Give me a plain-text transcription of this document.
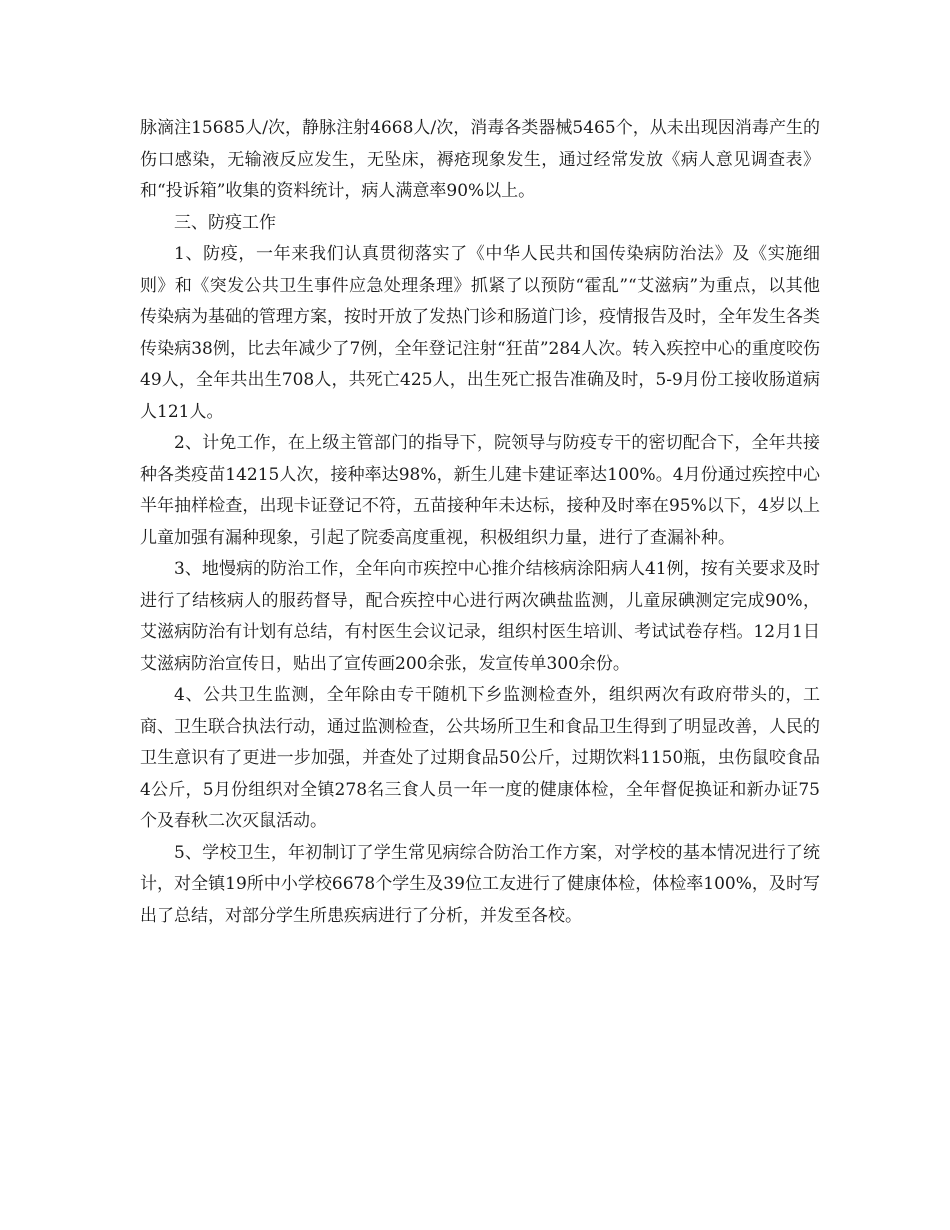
脉滴注15685人/次，静脉注射4668人/次，消毒各类器械5465个，从未出现因消毒产生的伤口感染，无输液反应发生，无坠床，褥疮现象发生，通过经常发放《病人意见调查表》和“投诉箱”收集的资料统计，病人满意率90%以上。

三、防疫工作

1、防疫，一年来我们认真贯彻落实了《中华人民共和国传染病防治法》及《实施细则》和《突发公共卫生事件应急处理条理》抓紧了以预防“霍乱”“艾滋病”为重点，以其他传染病为基础的管理方案，按时开放了发热门诊和肠道门诊，疫情报告及时，全年发生各类传染病38例，比去年减少了7例，全年登记注射“狂苗”284人次。转入疾控中心的重度咬伤49人，全年共出生708人，共死亡425人，出生死亡报告准确及时，5-9月份工接收肠道病人121人。

2、计免工作，在上级主管部门的指导下，院领导与防疫专干的密切配合下，全年共接种各类疫苗14215人次，接种率达98%，新生儿建卡建证率达100%。4月份通过疾控中心半年抽样检查，出现卡证登记不符，五苗接种年未达标，接种及时率在95%以下，4岁以上儿童加强有漏种现象，引起了院委高度重视，积极组织力量，进行了查漏补种。

3、地慢病的防治工作，全年向市疾控中心推介结核病涂阳病人41例，按有关要求及时进行了结核病人的服药督导，配合疾控中心进行两次碘盐监测，儿童尿碘测定完成90%，艾滋病防治有计划有总结，有村医生会议记录，组织村医生培训、考试试卷存档。12月1日艾滋病防治宣传日，贴出了宣传画200余张，发宣传单300余份。

4、公共卫生监测，全年除由专干随机下乡监测检查外，组织两次有政府带头的，工商、卫生联合执法行动，通过监测检查，公共场所卫生和食品卫生得到了明显改善，人民的卫生意识有了更进一步加强，并查处了过期食品50公斤，过期饮料1150瓶，虫伤鼠咬食品4公斤，5月份组织对全镇278名三食人员一年一度的健康体检，全年督促换证和新办证75个及春秋二次灭鼠活动。

5、学校卫生，年初制订了学生常见病综合防治工作方案，对学校的基本情况进行了统计，对全镇19所中小学校6678个学生及39位工友进行了健康体检，体检率100%，及时写出了总结，对部分学生所患疾病进行了分析，并发至各校。
